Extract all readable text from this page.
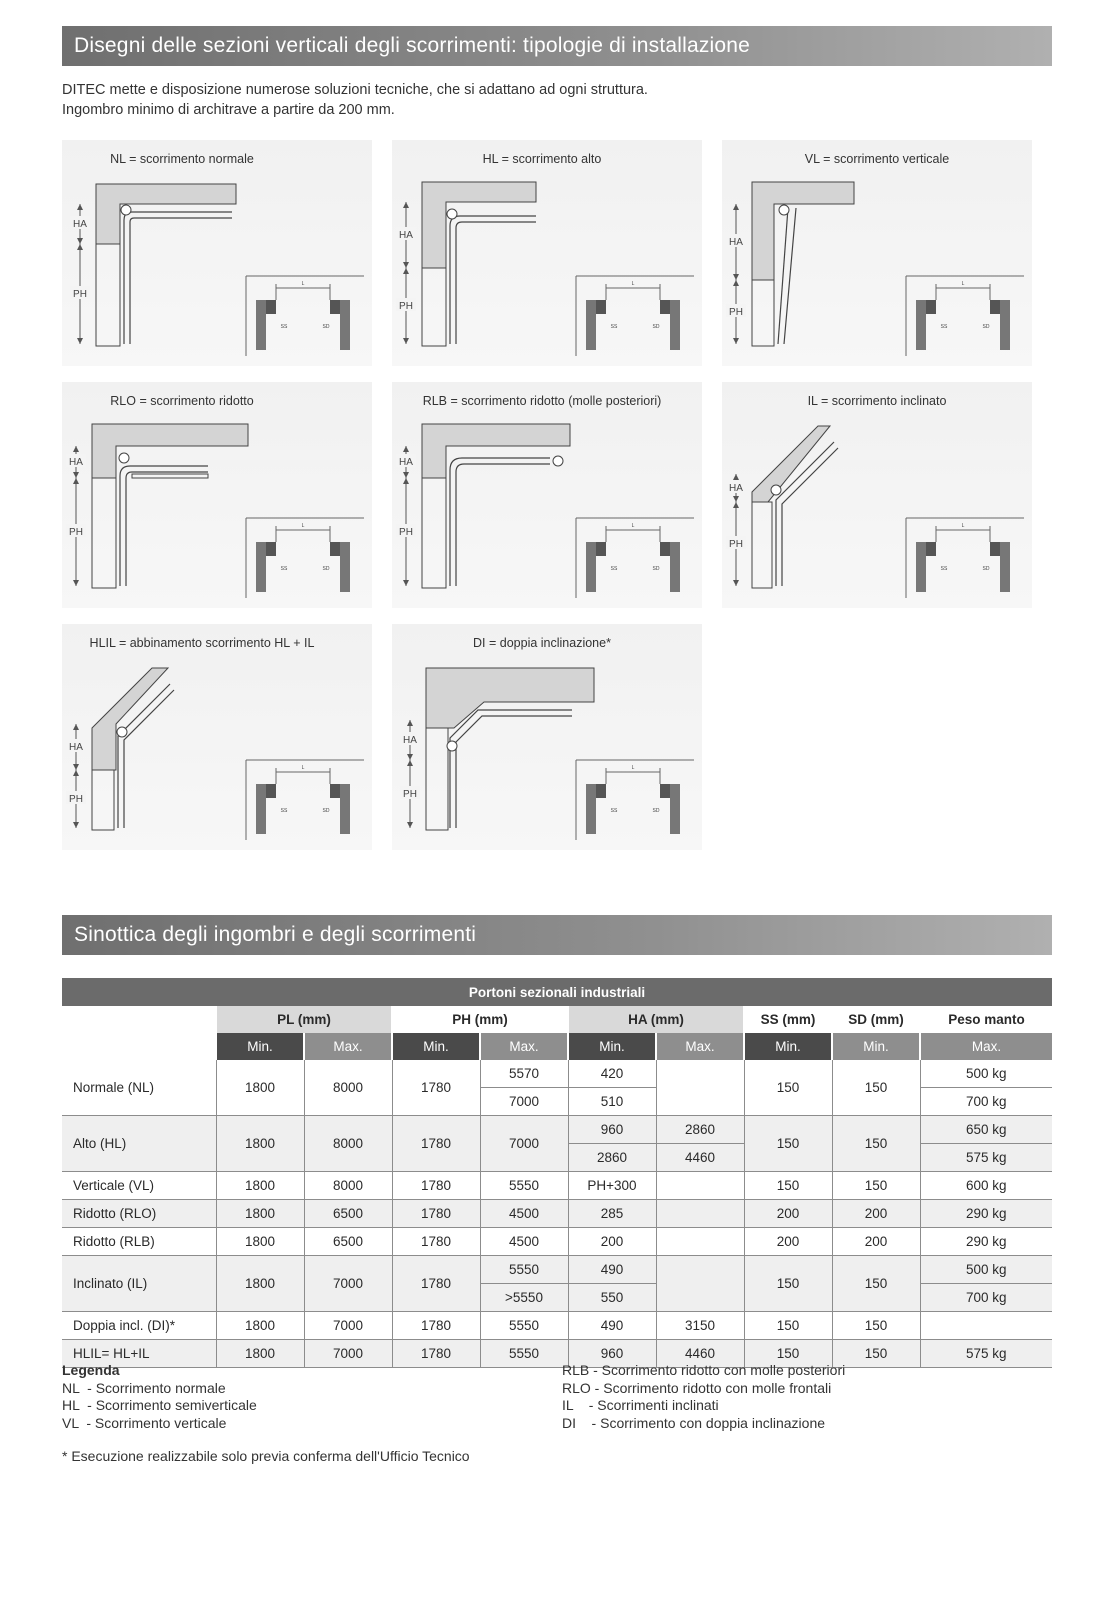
Disegni delle sezioni verticali degli scorrimenti: tipologie di installazione
DITEC mette e disposizione numerose soluzioni tecniche, che si adattano ad ogni struttura.
Ingombro minimo di architrave a partire da 200 mm.
NL = scorrimento normale
HA
PH
L
SS	SD
HL = scorrimento alto
HA
PH
L
SS	SD
VL = scorrimento verticale
HA
PH
L
SS	SD
RLO = scorrimento ridotto
HA
PH
L
SS	SD
RLB = scorrimento ridotto (molle posteriori)
HA
PH
L
SS	SD
IL = scorrimento inclinato
HA
PH
L
SS	SD
HLIL = abbinamento scorrimento HL + IL
HA
PH
L
SS	SD
DI = doppia inclinazione*
HA
PH
L
SS	SD
Sinottica degli ingombri e degli scorrimenti
Portoni sezionali industriali									
	PL (mm)		PH (mm)		HA (mm)		SS (mm)	SD (mm)	Peso manto
	Min.	Max.	Min.	Max.	Min.	Max.	Min.	Min.	Max.
Normale (NL)	1800	8000	1780	5570	420		150	150	500 kg
				7000	510				700 kg
Alto (HL)	1800	8000	1780	7000	960	2860	150	150	650 kg
					2860	4460			575 kg
Verticale (VL)	1800	8000	1780	5550	PH+300		150	150	600 kg
Ridotto (RLO)	1800	6500	1780	4500	285		200	200	290 kg
Ridotto (RLB)	1800	6500	1780	4500	200		200	200	290 kg
Inclinato (IL)	1800	7000	1780	5550	490		150	150	500 kg
				>5550	550				700 kg
Doppia incl. (DI)*	1800	7000	1780	5550	490	3150	150	150	
HLIL= HL+IL	1800	7000	1780	5550	960	4460	150	150	575 kg
Legenda
NL  - Scorrimento normale
HL  - Scorrimento semiverticale
VL  - Scorrimento verticale
RLB - Scorrimento ridotto con molle posteriori
RLO - Scorrimento ridotto con molle frontali
IL    - Scorrimenti inclinati
DI    - Scorrimento con doppia inclinazione
* Esecuzione realizzabile solo previa conferma dell'Ufficio Tecnico
